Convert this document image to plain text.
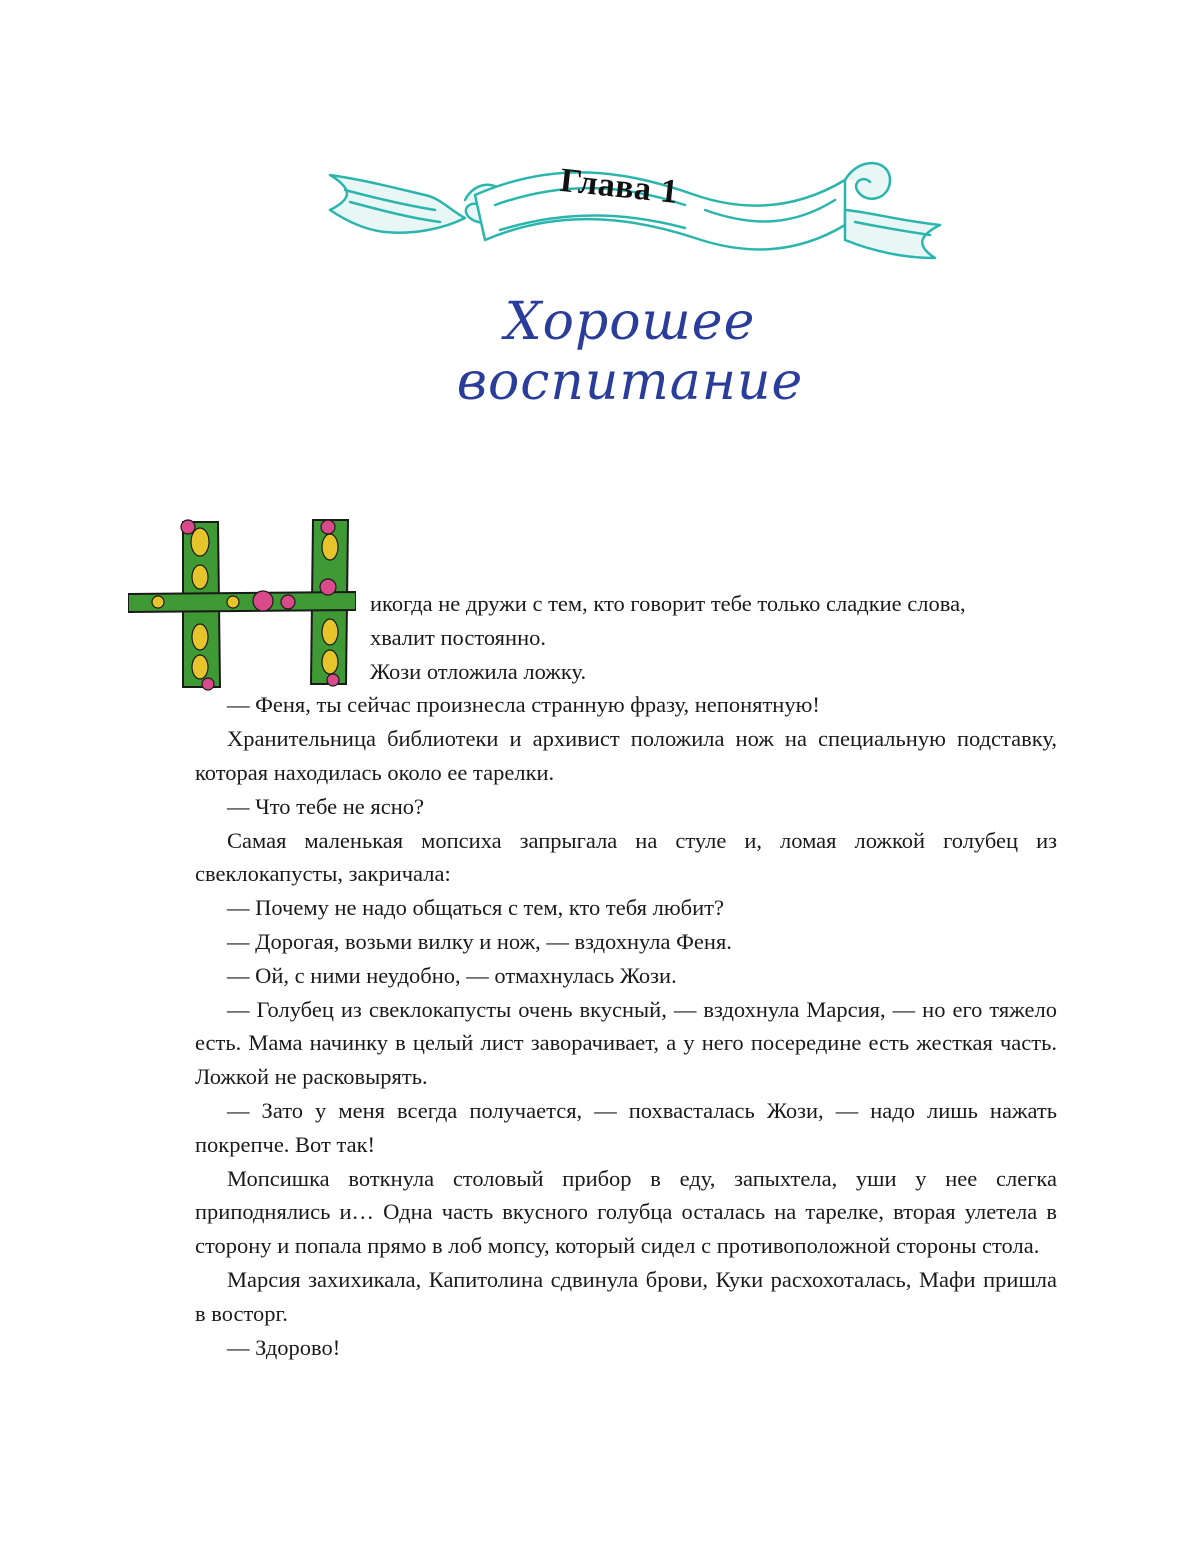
Глава 1
Хорошее воспитание

икогда не дружи с тем, кто говорит тебе только сладкие слова,

хвалит постоянно.

Жози отложила ложку.

— Феня, ты сейчас произнесла странную фразу, непонятную!

Хранительница библиотеки и архивист положила нож на специальную подставку, которая находилась около ее тарелки.

— Что тебе не ясно?

Самая маленькая мопсиха запрыгала на стуле и, ломая ложкой голубец из свеклокапусты, закричала:

— Почему не надо общаться с тем, кто тебя любит?

— Дорогая, возьми вилку и нож, — вздохнула Феня.

— Ой, с ними неудобно, — отмахнулась Жози.

— Голубец из свеклокапусты очень вкусный, — вздохнула Марсия, — но его тяжело есть. Мама начинку в целый лист заворачивает, а у него посередине есть жесткая часть. Ложкой не расковырять.

— Зато у меня всегда получается, — похвасталась Жози, — надо лишь нажать покрепче. Вот так!

Мопсишка воткнула столовый прибор в еду, запыхтела, уши у нее слегка приподнялись и… Одна часть вкусного голубца осталась на тарелке, вторая улетела в сторону и попала прямо в лоб мопсу, который сидел с противоположной стороны стола.

Марсия захихикала, Капитолина сдвинула брови, Куки расхохоталась, Мафи пришла в восторг.

— Здорово!
